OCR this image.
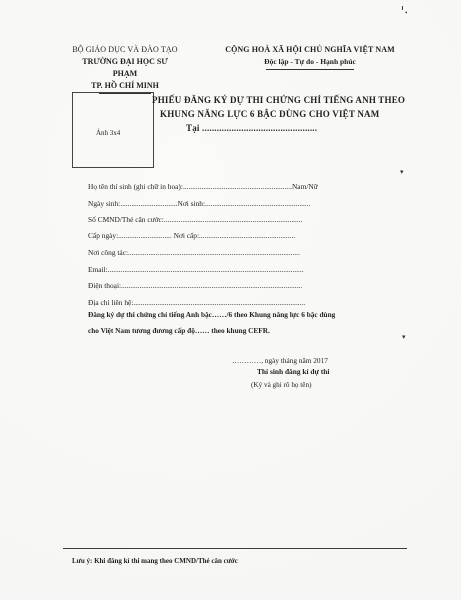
•
BỘ GIÁO DỤC VÀ ĐÀO TẠO
TRƯỜNG ĐẠI HỌC SƯ PHẠM
TP. HỒ CHÍ MINH
CỘNG HOÀ XÃ HỘI CHỦ NGHĨA VIỆT NAM
Độc lập - Tự do - Hạnh phúc
Ảnh 3x4
PHIẾU ĐĂNG KÝ DỰ THI CHỨNG CHỈ TIẾNG ANH THEO
KHUNG NĂNG LỰC 6 BẬC DÙNG CHO VIỆT NAM
Tại ...............................................
▾
Họ tên thí sinh (ghi chữ in hoa):...........................................................Nam/Nữ
Ngày sinh:...............................Nơi sinh:.........................................................
Số CMND/Thẻ căn cước:...........................................................................
Cấp ngày:............................. Nơi cấp:....................................................
Nơi công tác:.............................................................................................
Email:..........................................................................................................
Điện thoại:..................................................................................................
Địa chỉ liên hệ:.............................................................................................
Đăng ký dự thi chứng chỉ tiếng Anh bậc……/6 theo Khung năng lực 6 bậc dùng
cho Việt Nam tương đương cấp độ…… theo khung CEFR.
▾
…………, ngày tháng năm 2017
Thí sinh đăng kí dự thi
(Ký và ghi rõ họ tên)
Lưu ý: Khi đăng kí thi mang theo CMND/Thẻ căn cước
